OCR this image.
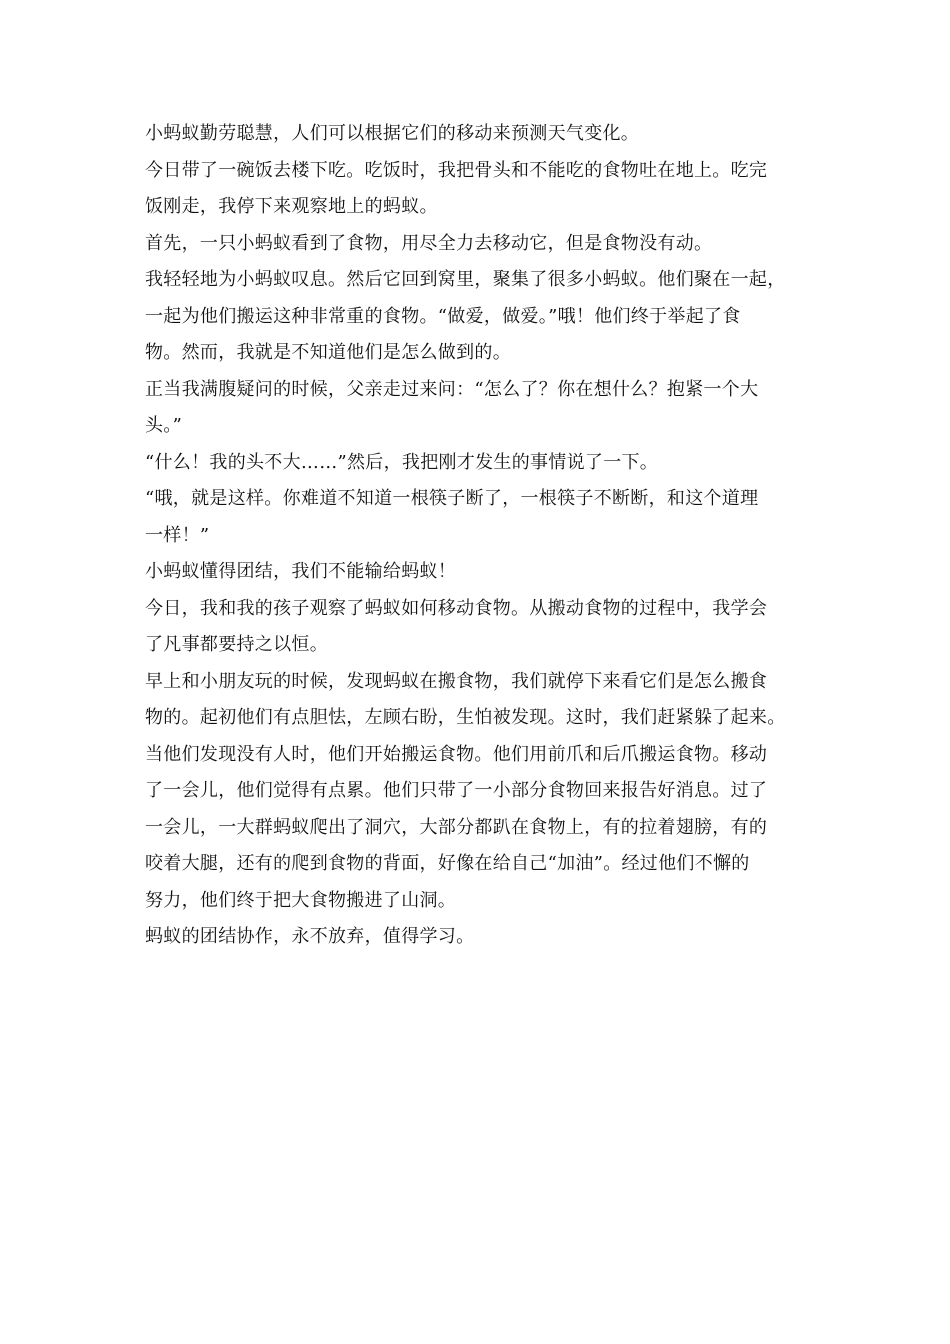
小蚂蚁勤劳聪慧，人们可以根据它们的移动来预测天气变化。

今日带了一碗饭去楼下吃。吃饭时，我把骨头和不能吃的食物吐在地上。吃完
饭刚走，我停下来观察地上的蚂蚁。

首先，一只小蚂蚁看到了食物，用尽全力去移动它，但是食物没有动。

我轻轻地为小蚂蚁叹息。然后它回到窝里，聚集了很多小蚂蚁。他们聚在一起，
一起为他们搬运这种非常重的食物。“做爱，做爱。”哦！他们终于举起了食
物。然而，我就是不知道他们是怎么做到的。

正当我满腹疑问的时候，父亲走过来问：“怎么了？你在想什么？抱紧一个大
头。”

“什么！我的头不大……”然后，我把刚才发生的事情说了一下。

“哦，就是这样。你难道不知道一根筷子断了，一根筷子不断断，和这个道理
一样！”

小蚂蚁懂得团结，我们不能输给蚂蚁！

今日，我和我的孩子观察了蚂蚁如何移动食物。从搬动食物的过程中，我学会
了凡事都要持之以恒。

早上和小朋友玩的时候，发现蚂蚁在搬食物，我们就停下来看它们是怎么搬食
物的。起初他们有点胆怯，左顾右盼，生怕被发现。这时，我们赶紧躲了起来。
当他们发现没有人时，他们开始搬运食物。他们用前爪和后爪搬运食物。移动
了一会儿，他们觉得有点累。他们只带了一小部分食物回来报告好消息。过了
一会儿，一大群蚂蚁爬出了洞穴，大部分都趴在食物上，有的拉着翅膀，有的
咬着大腿，还有的爬到食物的背面，好像在给自己“加油”。经过他们不懈的
努力，他们终于把大食物搬进了山洞。

蚂蚁的团结协作，永不放弃，值得学习。
